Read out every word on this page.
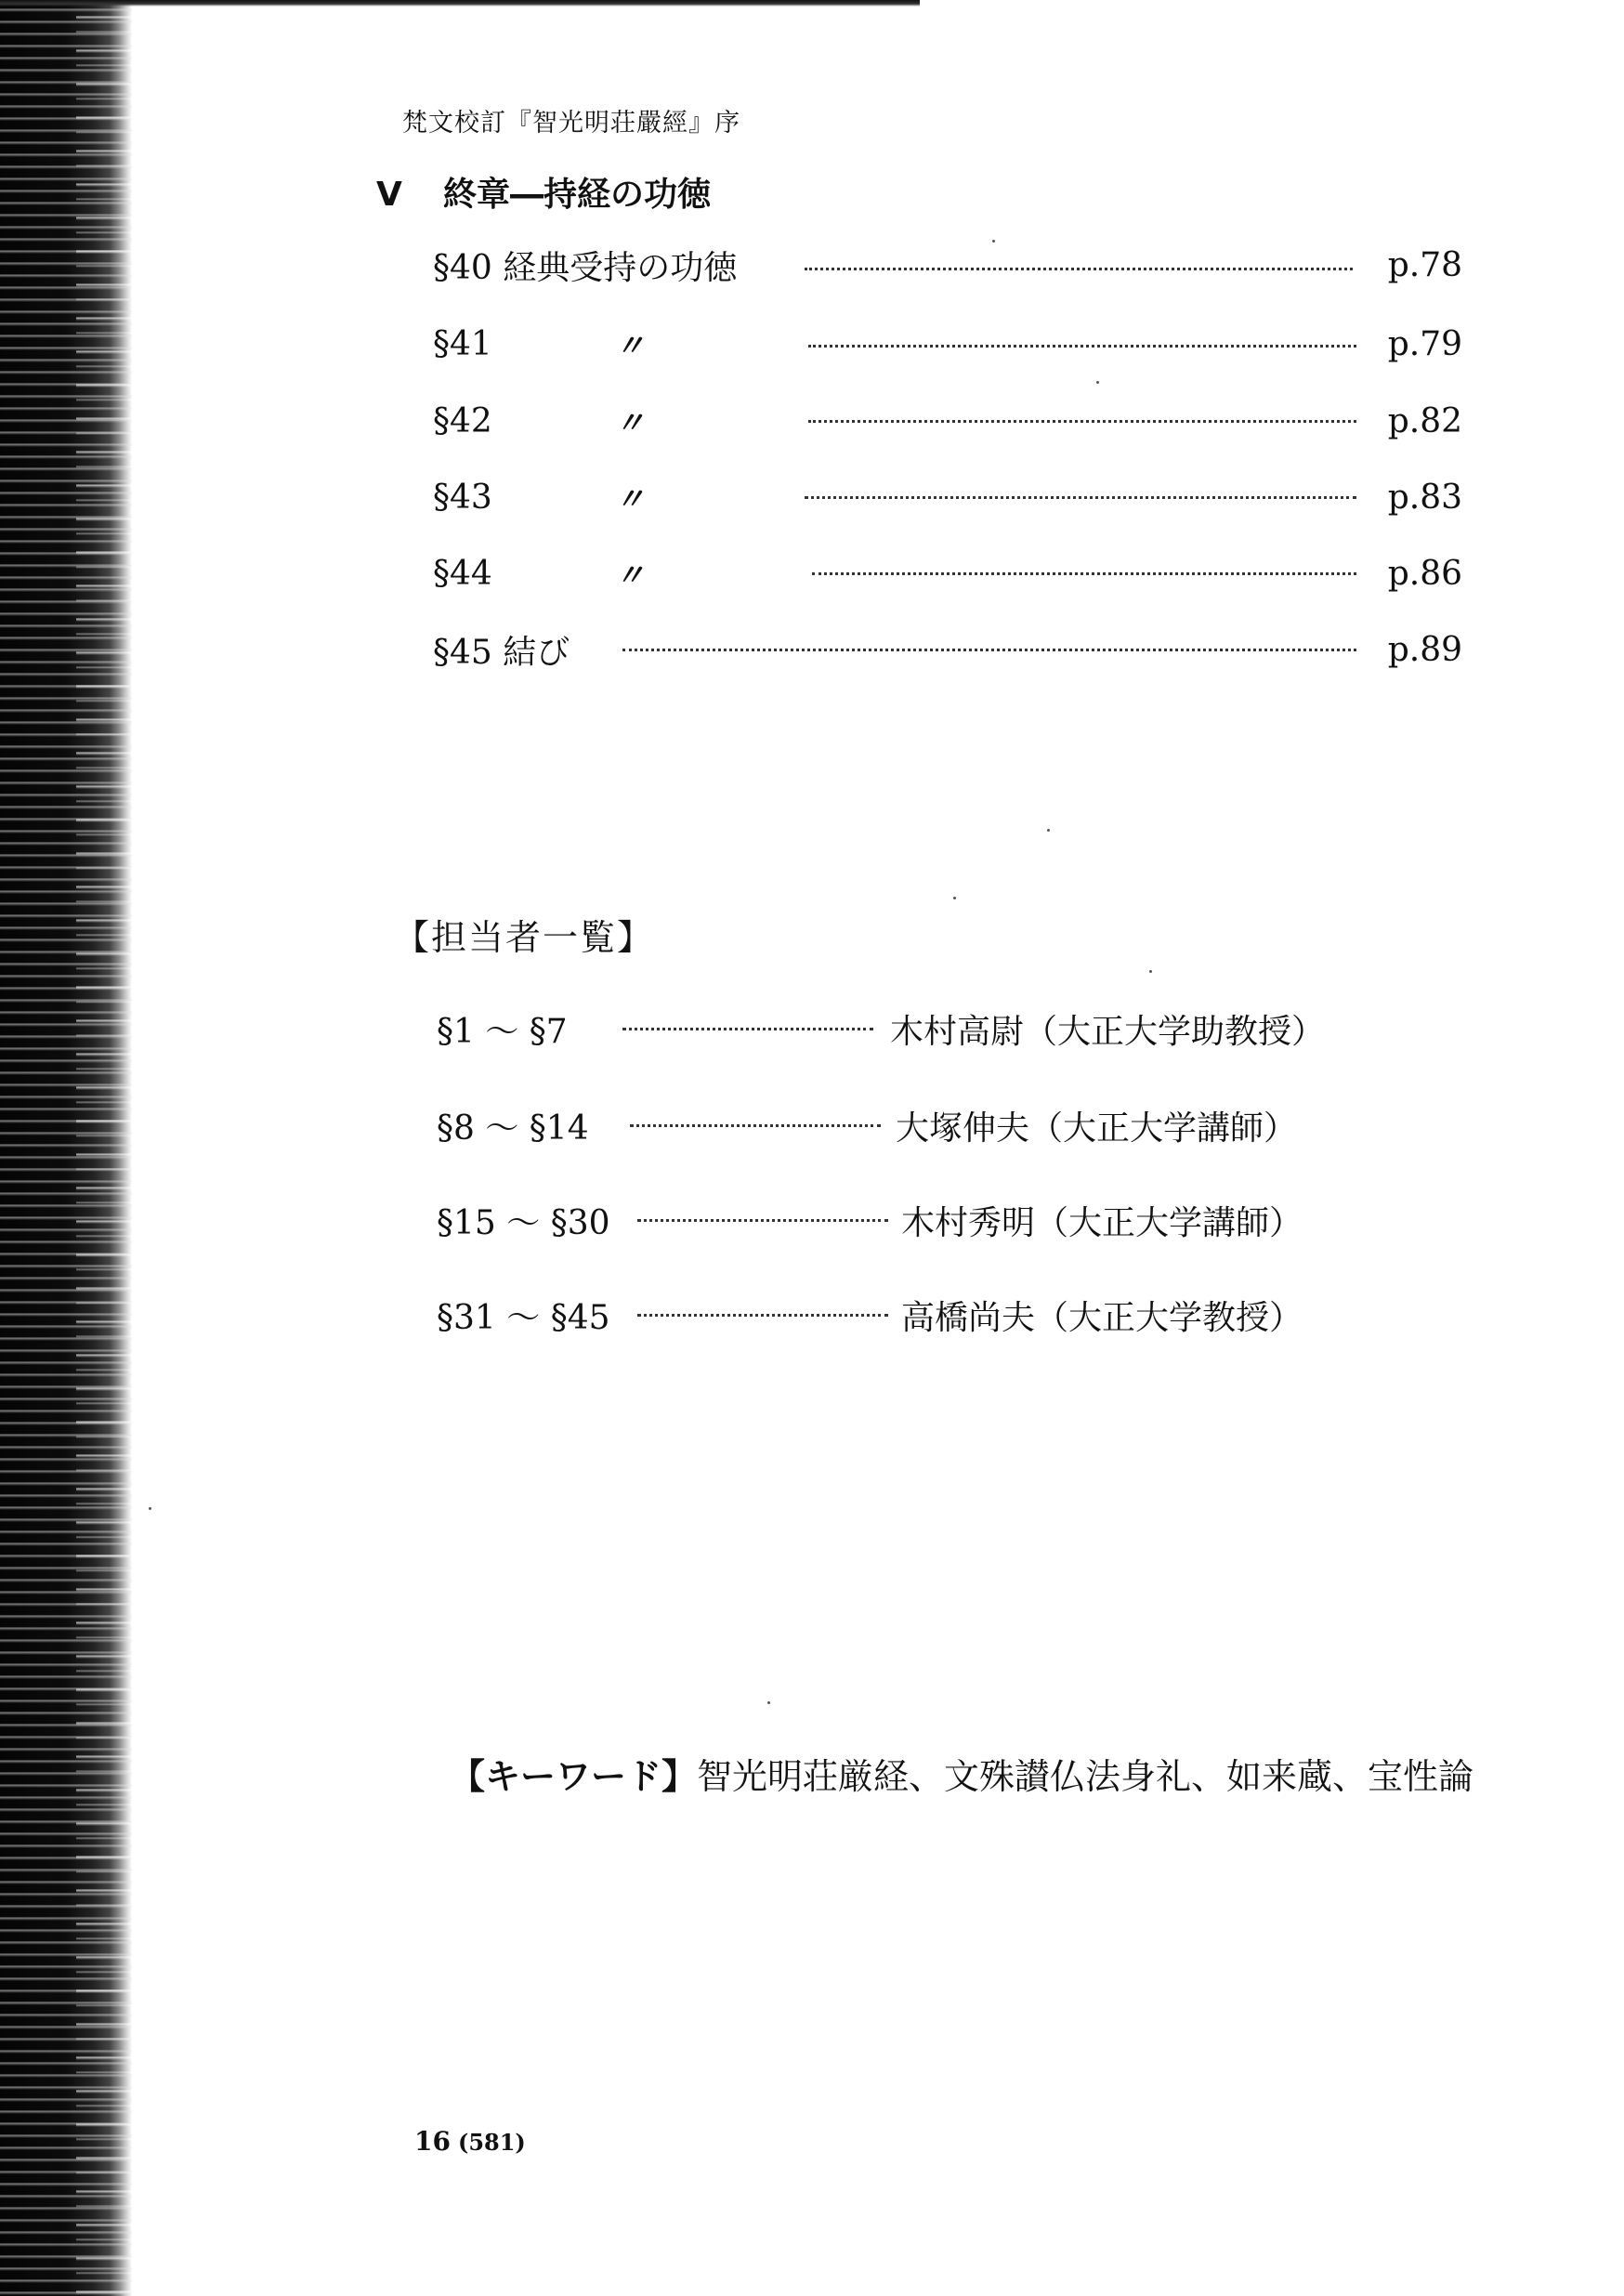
梵文校訂『智光明荘嚴經』序
V 終章―持経の功徳
§40 経典受持の功徳	p.78
§41	〃	p.79
§42	〃	p.82
§43	〃	p.83
§44	〃	p.86
§45 結び	p.89
【担当者一覧】
§1 ～ §7	木村高尉（大正大学助教授）
§8 ～ §14	大塚伸夫（大正大学講師）
§15 ～ §30	木村秀明（大正大学講師）
§31 ～ §45	高橋尚夫（大正大学教授）
【キーワード】智光明荘厳経、文殊讃仏法身礼、如来蔵、宝性論
16 (581)
